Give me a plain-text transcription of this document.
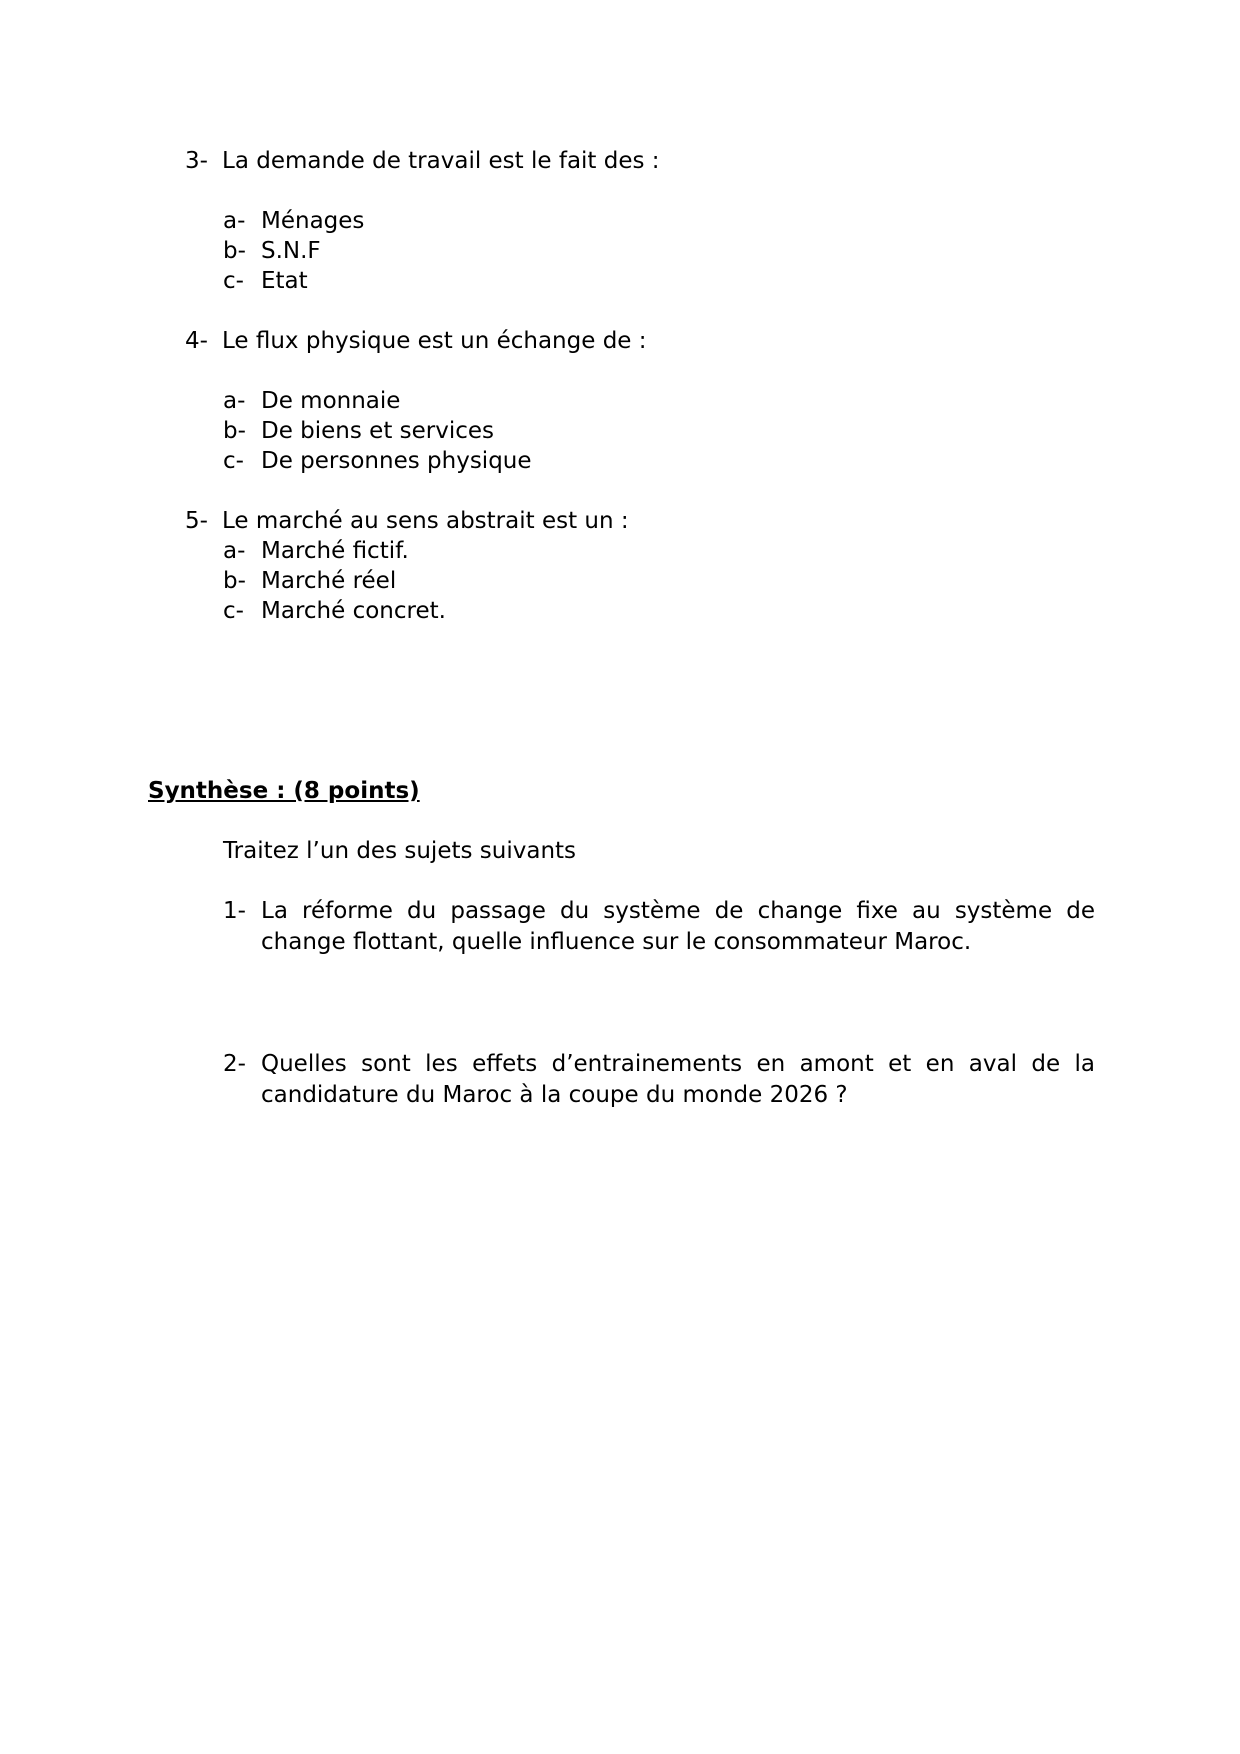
3- La demande de travail est le fait des :
a- Ménages
b- S.N.F
c- Etat
4- Le flux physique est un échange de :
a- De monnaie
b- De biens et services
c- De personnes physique
5- Le marché au sens abstrait est un :
a- Marché fictif.
b- Marché réel
c- Marché concret.
Synthèse : (8 points)
Traitez l’un des sujets suivants
1- La réforme du passage du système de change fixe au système de change flottant, quelle influence sur le consommateur Maroc.
2- Quelles sont les effets d’entrainements en amont et en aval de la candidature du Maroc à la coupe du monde 2026 ?
